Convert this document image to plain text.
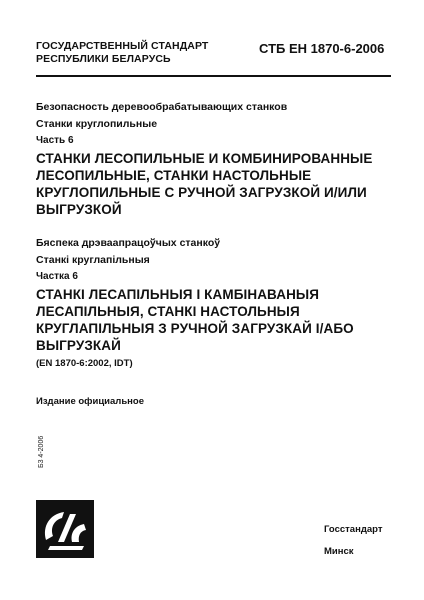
ГОСУДАРСТВЕННЫЙ СТАНДАРТ
РЕСПУБЛИКИ БЕЛАРУСЬ
СТБ ЕН 1870-6-2006
Безопасность деревообрабатывающих станков
Станки круглопильные
Часть 6
СТАНКИ ЛЕСОПИЛЬНЫЕ И КОМБИНИРОВАННЫЕ
ЛЕСОПИЛЬНЫЕ, СТАНКИ НАСТОЛЬНЫЕ
КРУГЛОПИЛЬНЫЕ С РУЧНОЙ ЗАГРУЗКОЙ И/ИЛИ
ВЫГРУЗКОЙ
Бяспека дрэваапрацоўчых станкоў
Станкі круглапільныя
Частка 6
СТАНКІ ЛЕСАПІЛЬНЫЯ І КАМБІНАВАНЫЯ
ЛЕСАПІЛЬНЫЯ, СТАНКІ НАСТОЛЬНЫЯ
КРУГЛАПІЛЬНЫЯ З РУЧНОЙ ЗАГРУЗКАЙ І/АБО
ВЫГРУЗКАЙ
(EN 1870-6:2002, IDT)
Издание официальное
Б3 4-2006
Госстандарт
Минск
